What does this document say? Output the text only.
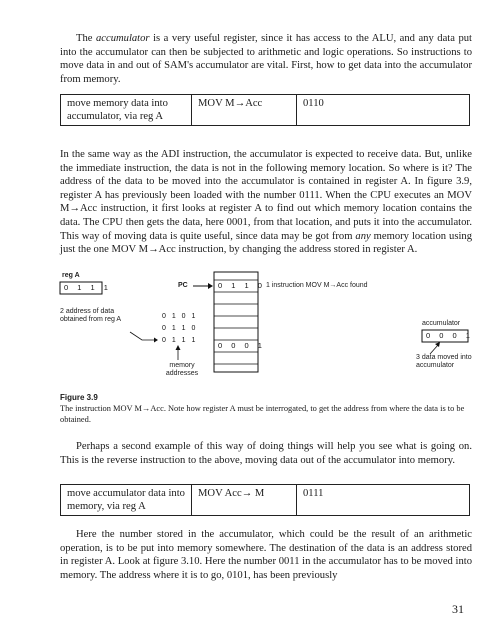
The accumulator is a very useful register, since it has access to the ALU, and any data put into the accumulator can then be subjected to arithmetic and logic operations. So instructions to move data in and out of SAM's accumulator are vital. First, how to get data into the accumulator from memory.

move memory data into accumulator, via reg A	MOV M→Acc	0110

In the same way as the ADI instruction, the accumulator is expected to receive data. But, unlike the immediate instruction, the data is not in the following memory location. So where is it? The address of the data to be moved into the accumulator is contained in register A. In figure 3.9, register A has previously been loaded with the number 0111. When the CPU executes an MOV M→Acc instruction, it first looks at register A to find out which memory location contains the data. The CPU then gets the data, here 0001, from that location, and puts it into the accumulator. This way of moving data is quite useful, since data may be got from any memory location using just the one MOV M→Acc instruction, by changing the address stored in register A.

reg A
0 1 1 1	PC	0 1 1 0 1 instruction MOV M→Acc found
2 address of data obtained from reg A	0 1 0 1
0 1 1 0
0 1 1 1
0 0 0 1
memory addresses
accumulator
0 0 0 1
3 data moved into accumulator

Figure 3.9

The instruction MOV M→Acc. Note how register A must be interrogated, to get the address from where the data is to be obtained.

Perhaps a second example of this way of doing things will help you see what is going on. This is the reverse instruction to the above, moving data out of the accumulator into memory.

move accumulator data into memory, via reg A	MOV Acc→ M	0111

Here the number stored in the accumulator, which could be the result of an arithmetic operation, is to be put into memory somewhere. The destination of the data is an address stored in register A. Look at figure 3.10. Here the number 0011 in the accumulator has to be moved into memory. The address where it is to go, 0101, has been previously

31
